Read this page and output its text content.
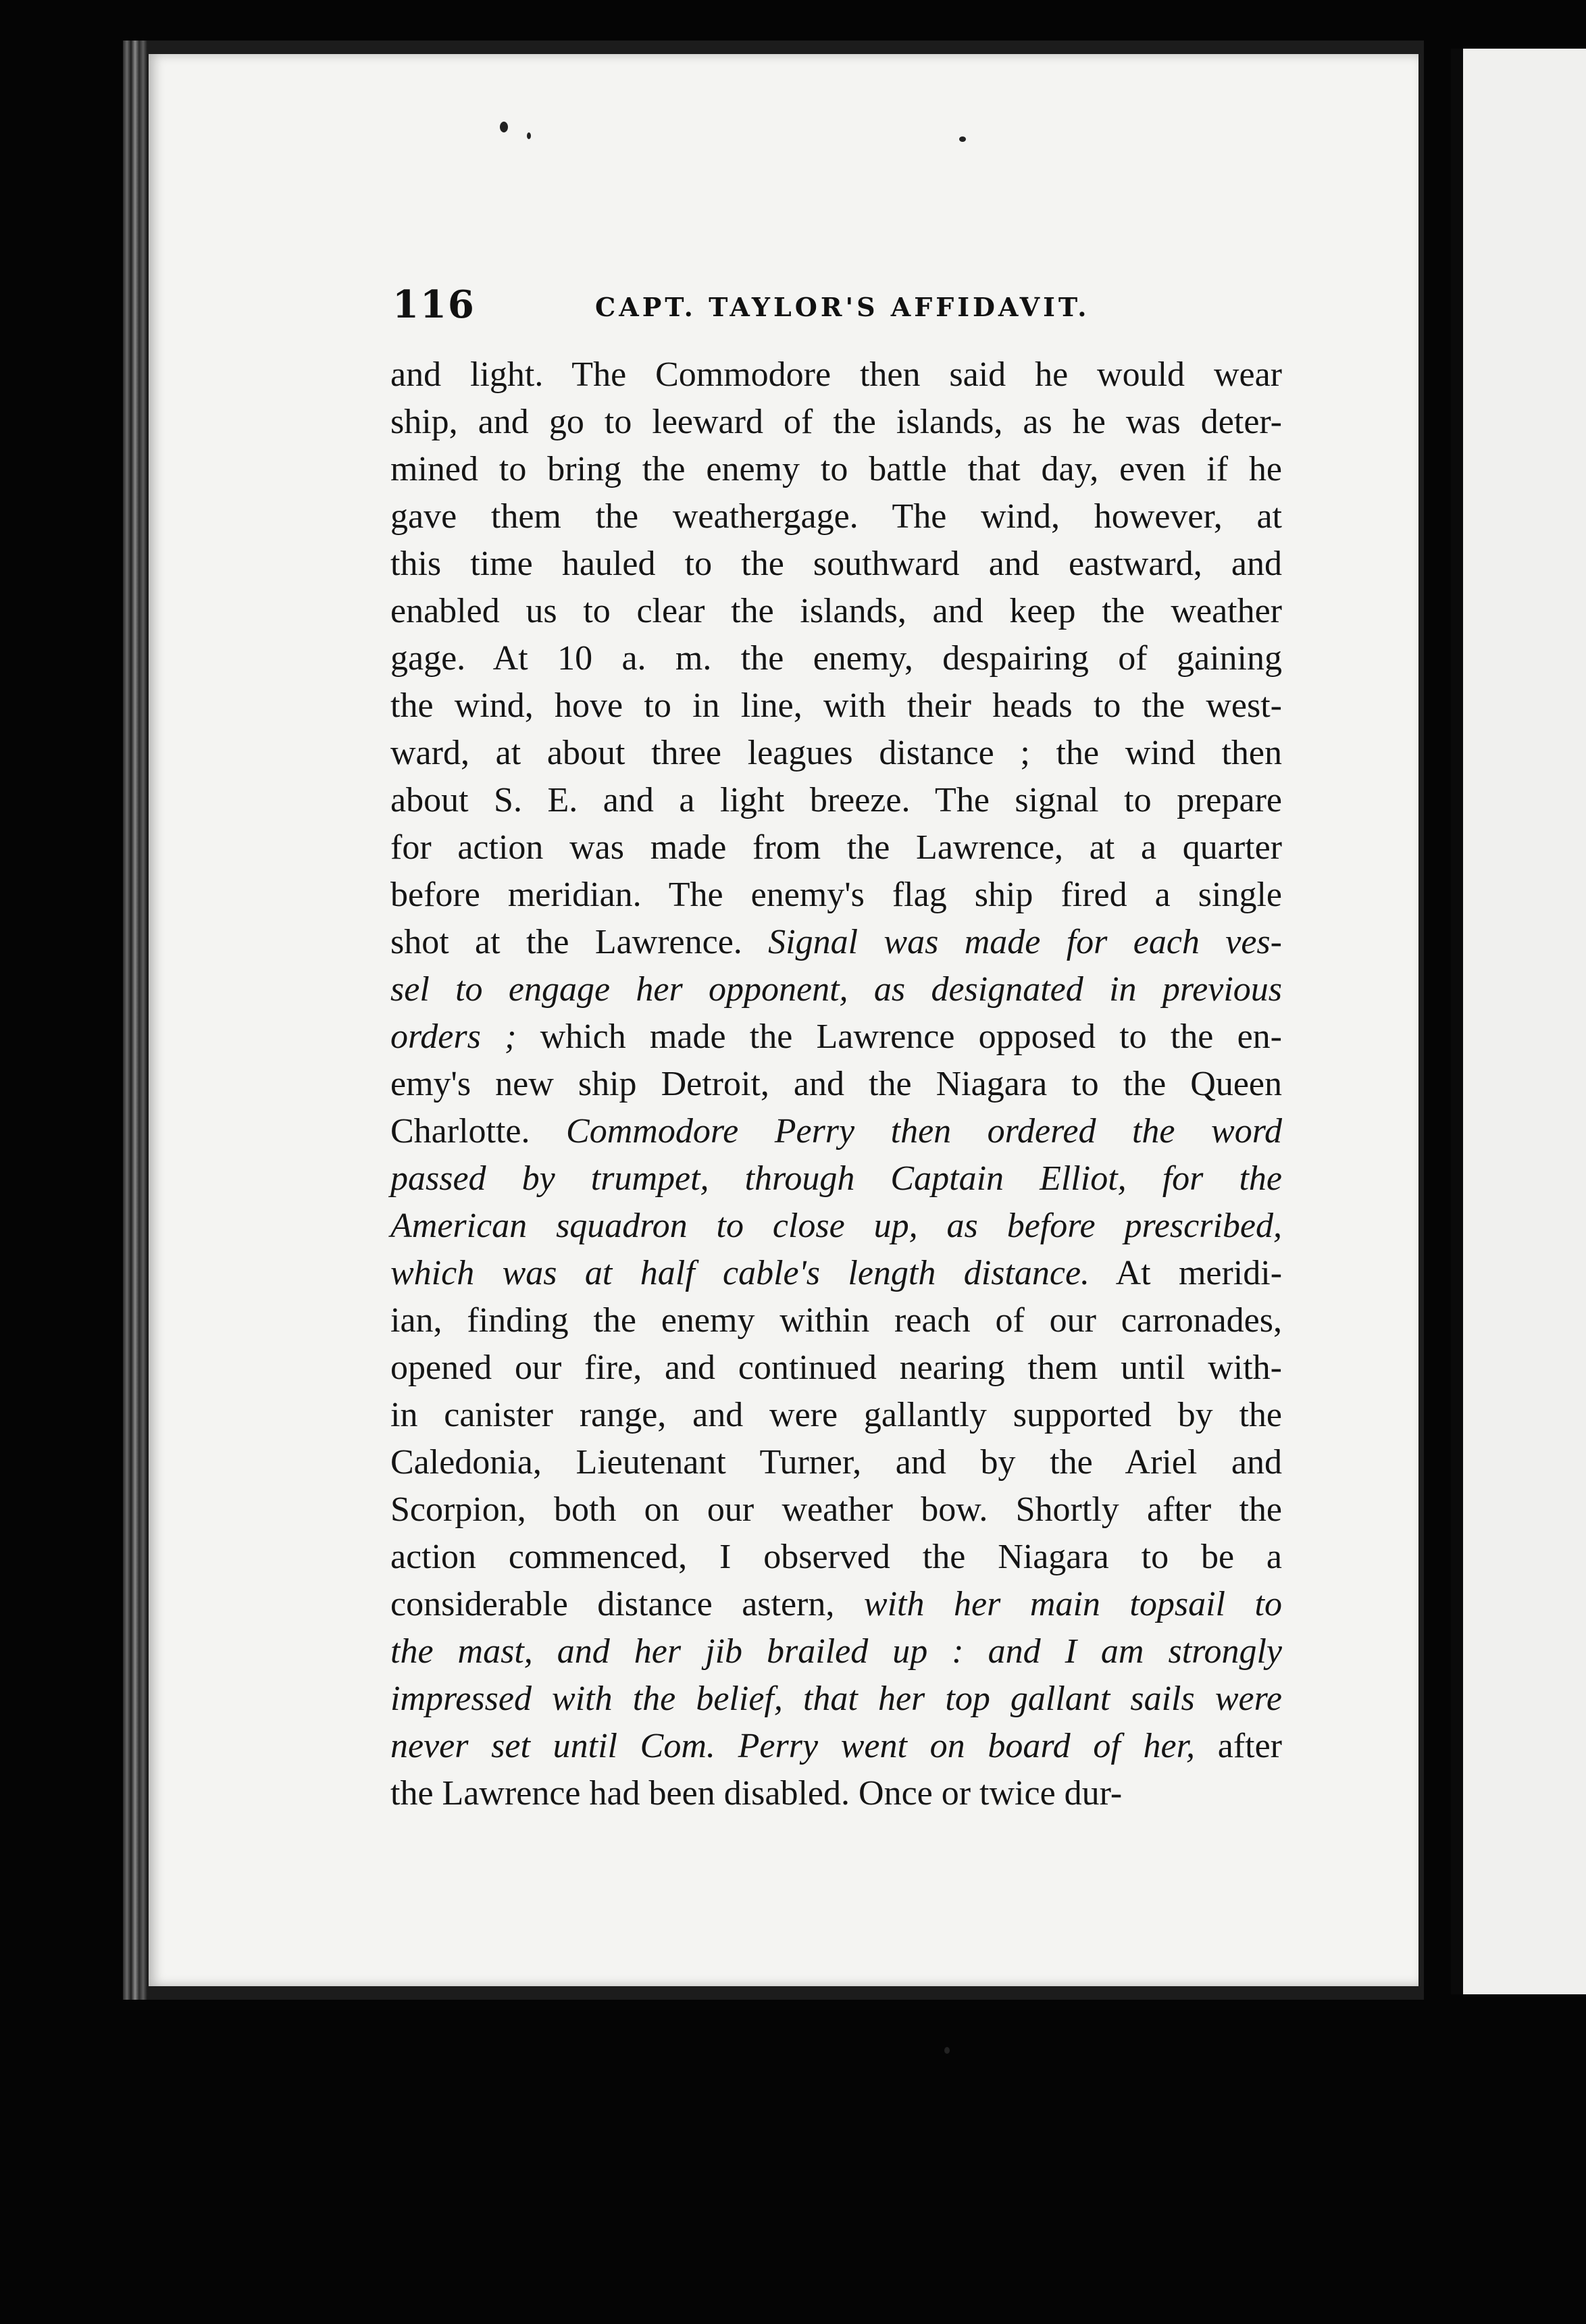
116	CAPT. TAYLOR'S AFFIDAVIT.
and light. The Commodore then said he would wear
ship, and go to leeward of the islands, as he was deter-
mined to bring the enemy to battle that day, even if he
gave them the weathergage. The wind, however, at
this time hauled to the southward and eastward, and
enabled us to clear the islands, and keep the weather
gage. At 10 a. m. the enemy, despairing of gaining
the wind, hove to in line, with their heads to the west-
ward, at about three leagues distance ; the wind then
about S. E. and a light breeze. The signal to prepare
for action was made from the Lawrence, at a quarter
before meridian. The enemy's flag ship fired a single
shot at the Lawrence. Signal was made for each ves-
sel to engage her opponent, as designated in previous
orders ; which made the Lawrence opposed to the en-
emy's new ship Detroit, and the Niagara to the Queen
Charlotte. Commodore Perry then ordered the word
passed by trumpet, through Captain Elliot, for the
American squadron to close up, as before prescribed,
which was at half cable's length distance. At meridi-
ian, finding the enemy within reach of our carronades,
opened our fire, and continued nearing them until with-
in canister range, and were gallantly supported by the
Caledonia, Lieutenant Turner, and by the Ariel and
Scorpion, both on our weather bow. Shortly after the
action commenced, I observed the Niagara to be a
considerable distance astern, with her main topsail to
the mast, and her jib brailed up : and I am strongly
impressed with the belief, that her top gallant sails were
never set until Com. Perry went on board of her, after
the Lawrence had been disabled. Once or twice dur-
